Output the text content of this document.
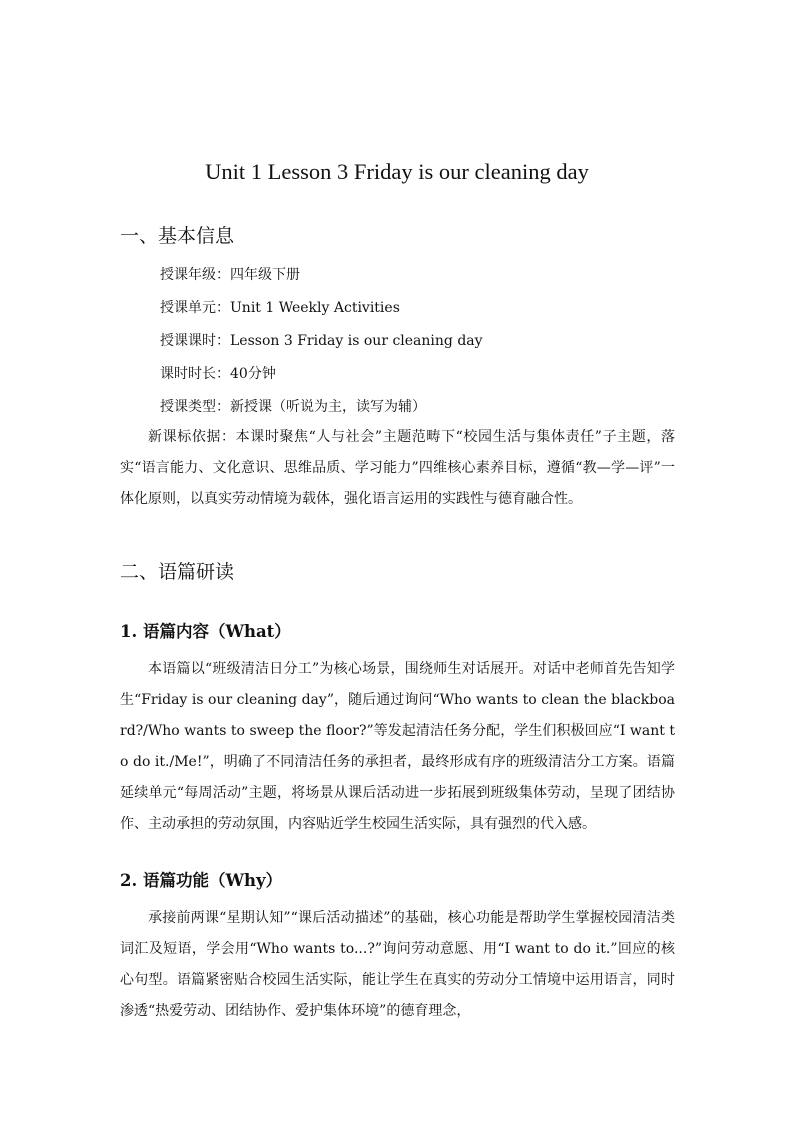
Unit 1 Lesson 3 Friday is our cleaning day
一、基本信息

授课年级：四年级下册

授课单元：Unit 1 Weekly Activities

授课课时：Lesson 3 Friday is our cleaning day

课时时长：40分钟

授课类型：新授课（听说为主，读写为辅）

新课标依据：本课时聚焦“人与社会”主题范畴下“校园生活与集体责任”子主题，落实“语言能力、文化意识、思维品质、学习能力”四维核心素养目标，遵循“教—学—评”一体化原则，以真实劳动情境为载体，强化语言运用的实践性与德育融合性。

二、语篇研读
1. 语篇内容（What）

本语篇以“班级清洁日分工”为核心场景，围绕师生对话展开。对话中老师首先告知学生“Friday is our cleaning day”，随后通过询问“Who wants to clean the blackboard?/Who wants to sweep the floor?”等发起清洁任务分配，学生们积极回应“I want to do it./Me!”，明确了不同清洁任务的承担者，最终形成有序的班级清洁分工方案。语篇延续单元“每周活动”主题，将场景从课后活动进一步拓展到班级集体劳动，呈现了团结协作、主动承担的劳动氛围，内容贴近学生校园生活实际，具有强烈的代入感。

2. 语篇功能（Why）

承接前两课“星期认知”“课后活动描述”的基础，核心功能是帮助学生掌握校园清洁类词汇及短语，学会用“Who wants to...?”询问劳动意愿、用“I want to do it.”回应的核心句型。语篇紧密贴合校园生活实际，能让学生在真实的劳动分工情境中运用语言，同时渗透“热爱劳动、团结协作、爱护集体环境”的德育理念，
